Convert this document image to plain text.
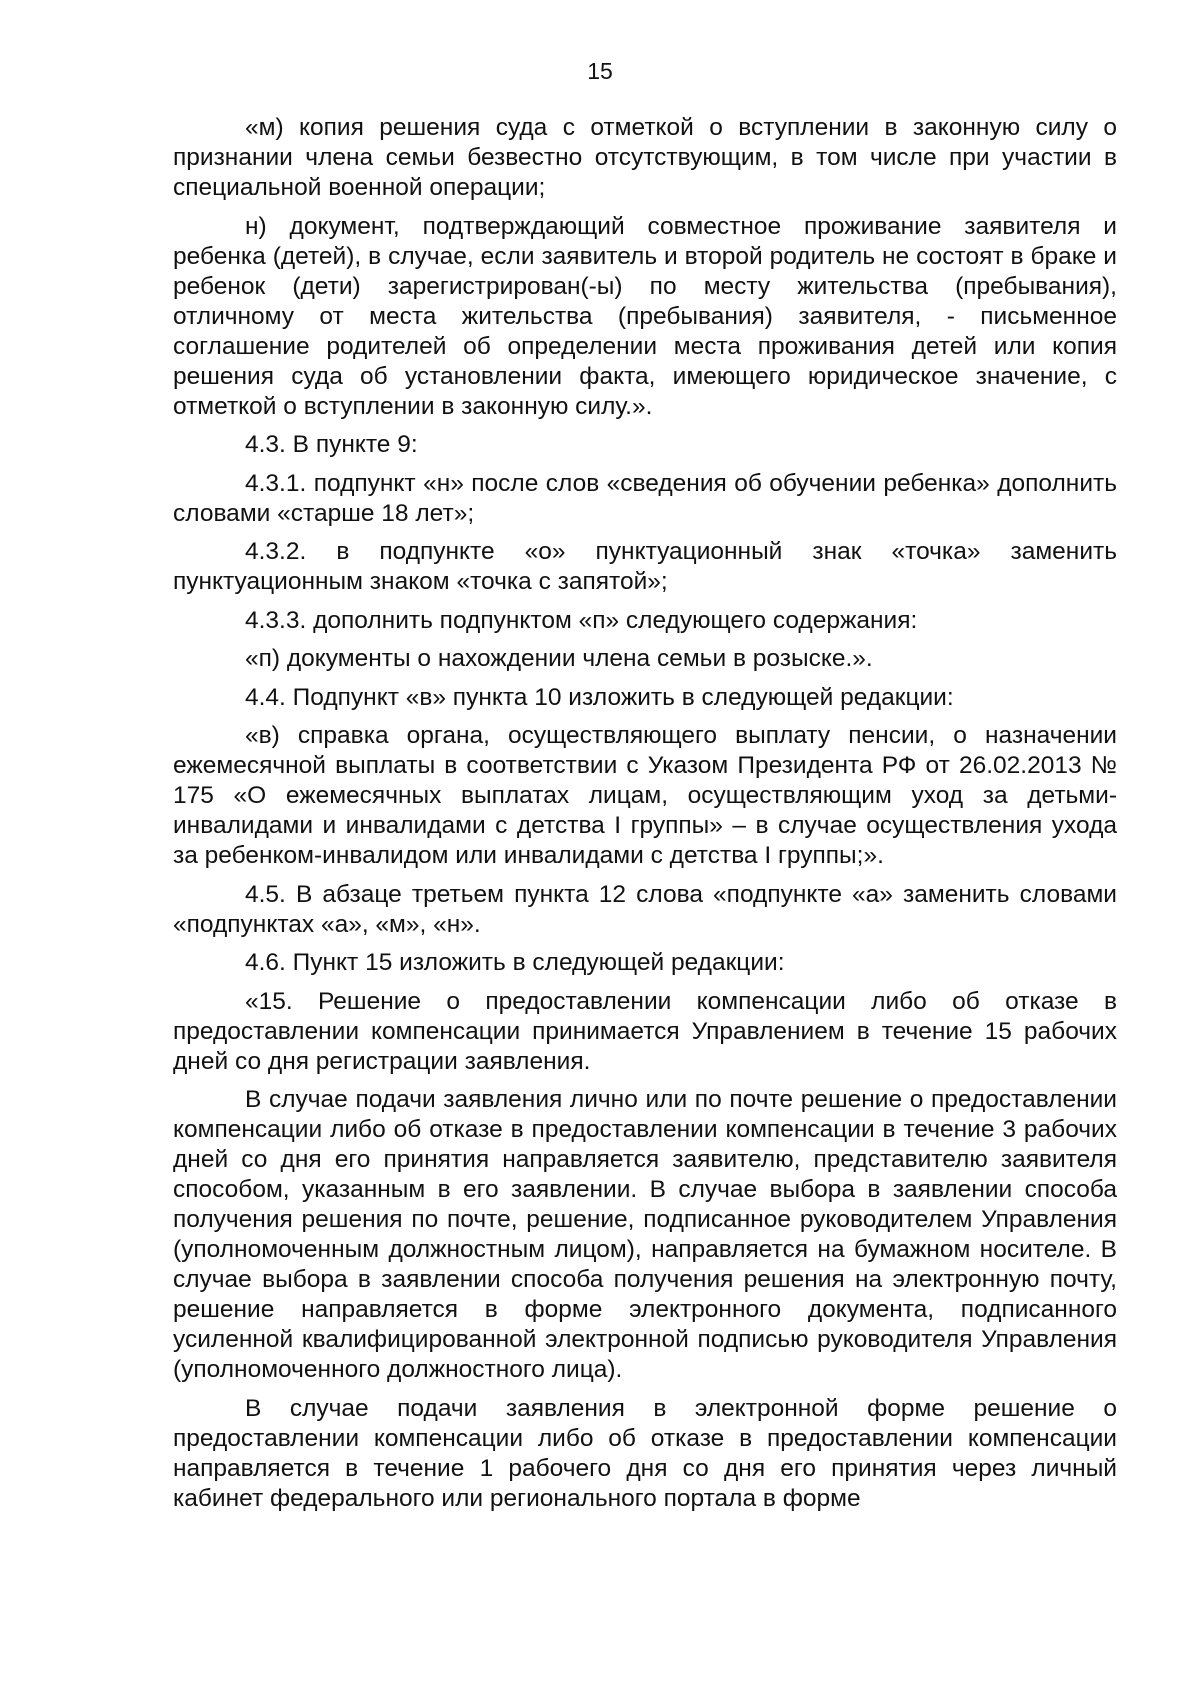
15

«м) копия решения суда с отметкой о вступлении в законную силу о признании члена семьи безвестно отсутствующим, в том числе при участии в специальной военной операции;

н) документ, подтверждающий совместное проживание заявителя и ребенка (детей), в случае, если заявитель и второй родитель не состоят в браке и ребенок (дети) зарегистрирован(-ы) по месту жительства (пребывания), отличному от места жительства (пребывания) заявителя, - письменное соглашение родителей об определении места проживания детей или копия решения суда об установлении факта, имеющего юридическое значение, с отметкой о вступлении в законную силу.».

4.3. В пункте 9:

4.3.1. подпункт «н» после слов «сведения об обучении ребенка» дополнить словами «старше 18 лет»;

4.3.2. в подпункте «о» пунктуационный знак «точка» заменить пунктуационным знаком «точка с запятой»;

4.3.3. дополнить подпунктом «п» следующего содержания:

«п) документы о нахождении члена семьи в розыске.».

4.4. Подпункт «в» пункта 10 изложить в следующей редакции:

«в) справка органа, осуществляющего выплату пенсии, о назначении ежемесячной выплаты в соответствии с Указом Президента РФ от 26.02.2013 № 175 «О ежемесячных выплатах лицам, осуществляющим уход за детьми-инвалидами и инвалидами с детства I группы» – в случае осуществления ухода за ребенком-инвалидом или инвалидами с детства I группы;».

4.5. В абзаце третьем пункта 12 слова «подпункте «а» заменить словами «подпунктах «а», «м», «н».

4.6. Пункт 15 изложить в следующей редакции:

«15. Решение о предоставлении компенсации либо об отказе в предоставлении компенсации принимается Управлением в течение 15 рабочих дней со дня регистрации заявления.

В случае подачи заявления лично или по почте решение о предоставлении компенсации либо об отказе в предоставлении компенсации в течение 3 рабочих дней со дня его принятия направляется заявителю, представителю заявителя способом, указанным в его заявлении. В случае выбора в заявлении способа получения решения по почте, решение, подписанное руководителем Управления (уполномоченным должностным лицом), направляется на бумажном носителе. В случае выбора в заявлении способа получения решения на электронную почту, решение направляется в форме электронного документа, подписанного усиленной квалифицированной электронной подписью руководителя Управления (уполномоченного должностного лица).

В случае подачи заявления в электронной форме решение о предоставлении компенсации либо об отказе в предоставлении компенсации направляется в течение 1 рабочего дня со дня его принятия через личный кабинет федерального или регионального портала в форме
